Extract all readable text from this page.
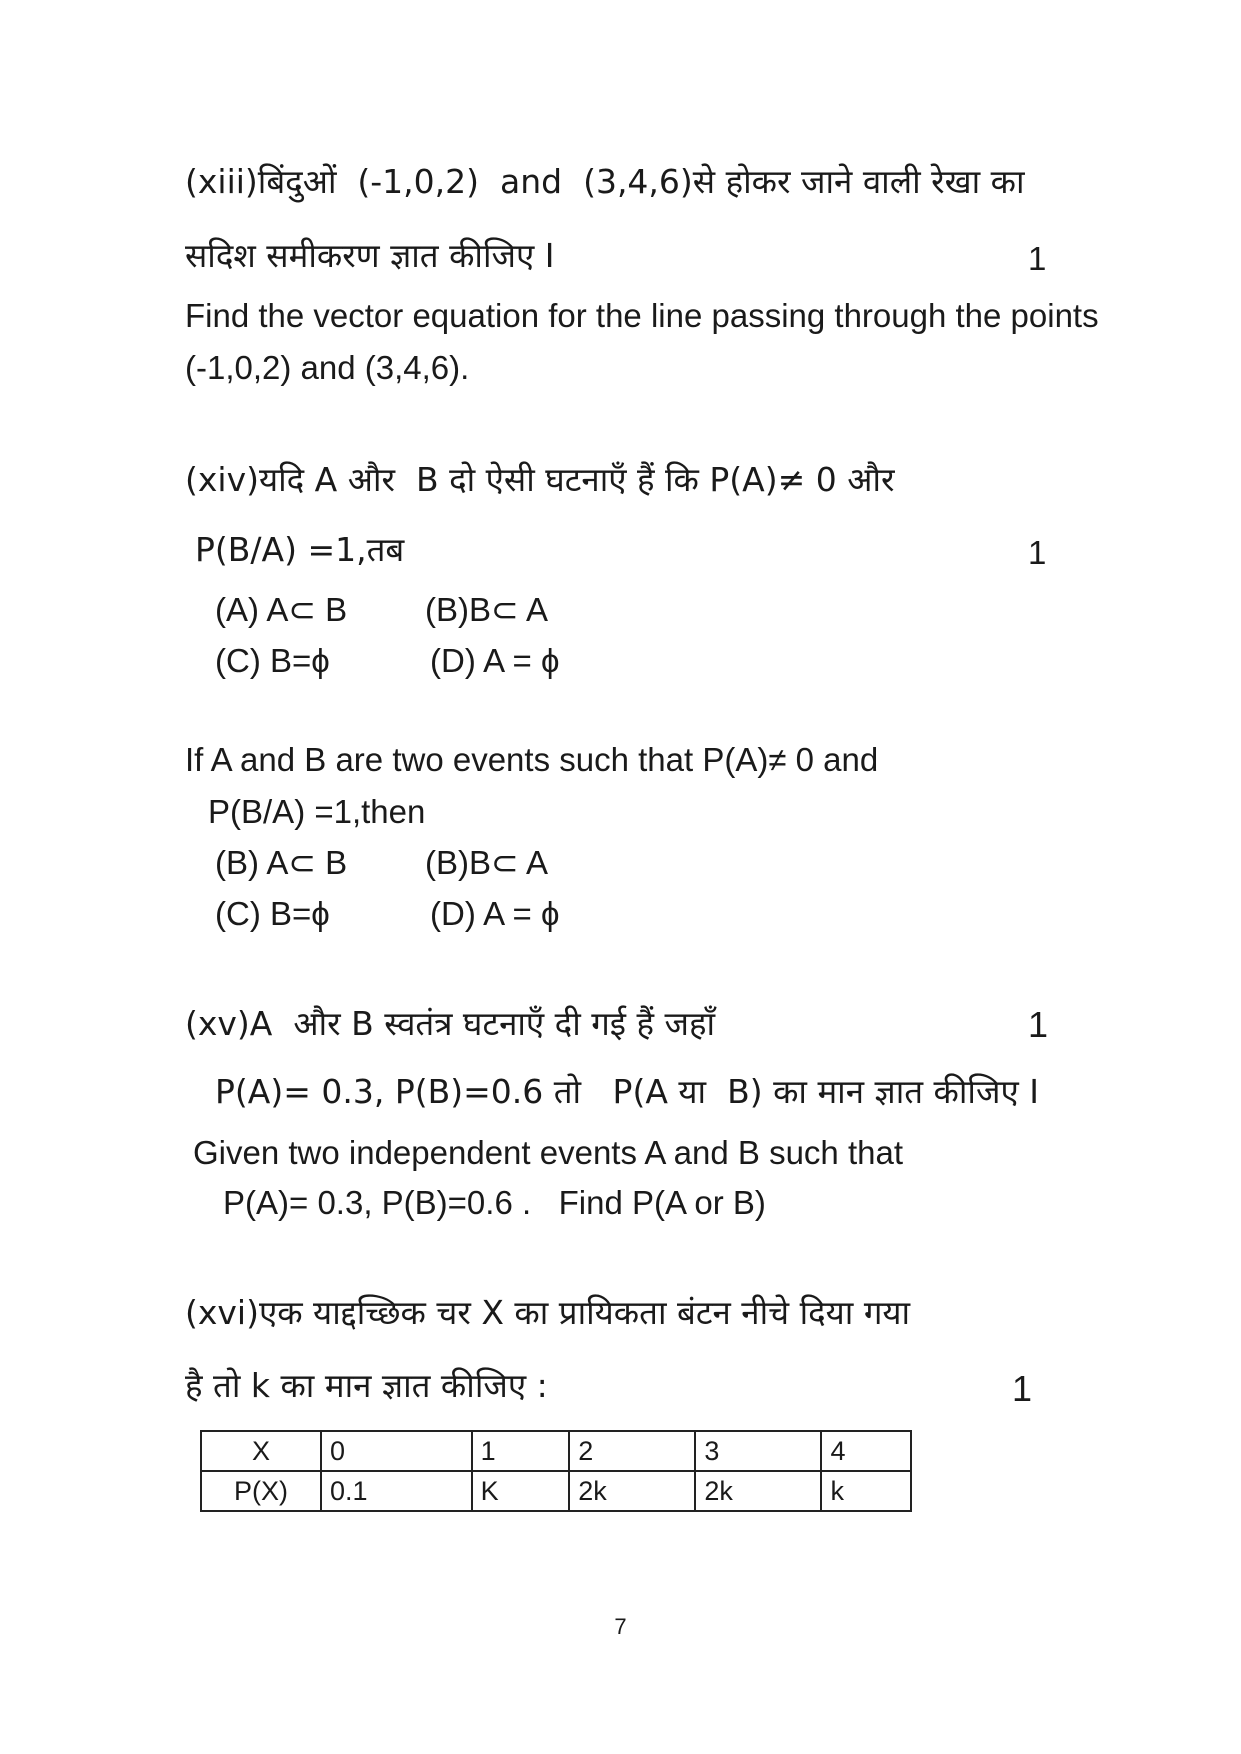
(xiii)बिंदुओं  (-1,0,2)  and  (3,4,6)से होकर जाने वाली रेखा का
सदिश समीकरण ज्ञात कीजिए I	1
Find the vector equation for the line passing through the points
(-1,0,2) and (3,4,6).
(xiv)यदि A और  B दो ऐसी घटनाएँ हैं कि P(A)≠ 0 और
P(B/A) =1,तब	1
(A) A⊂ B (B)B⊂ A
(C) B=ϕ	(D) A = ϕ
If A and B are two events such that P(A)≠ 0 and
P(B/A) =1,then
(B) A⊂ B (B)B⊂ A
(C) B=ϕ	(D) A = ϕ
(xv)A  और B स्वतंत्र घटनाएँ दी गई हैं जहाँ	1
P(A)= 0.3, P(B)=0.6 तो   P(A या  B) का मान ज्ञात कीजिए I
Given two independent events A and B such that
P(A)= 0.3, P(B)=0.6 .   Find P(A or B)
(xvi)एक याद्दच्छिक चर X का प्रायिकता बंटन नीचे दिया गया
है तो k का मान ज्ञात कीजिए :	1
X	0	1	2	3	4
P(X)	0.1	K	2k	2k	k
7
